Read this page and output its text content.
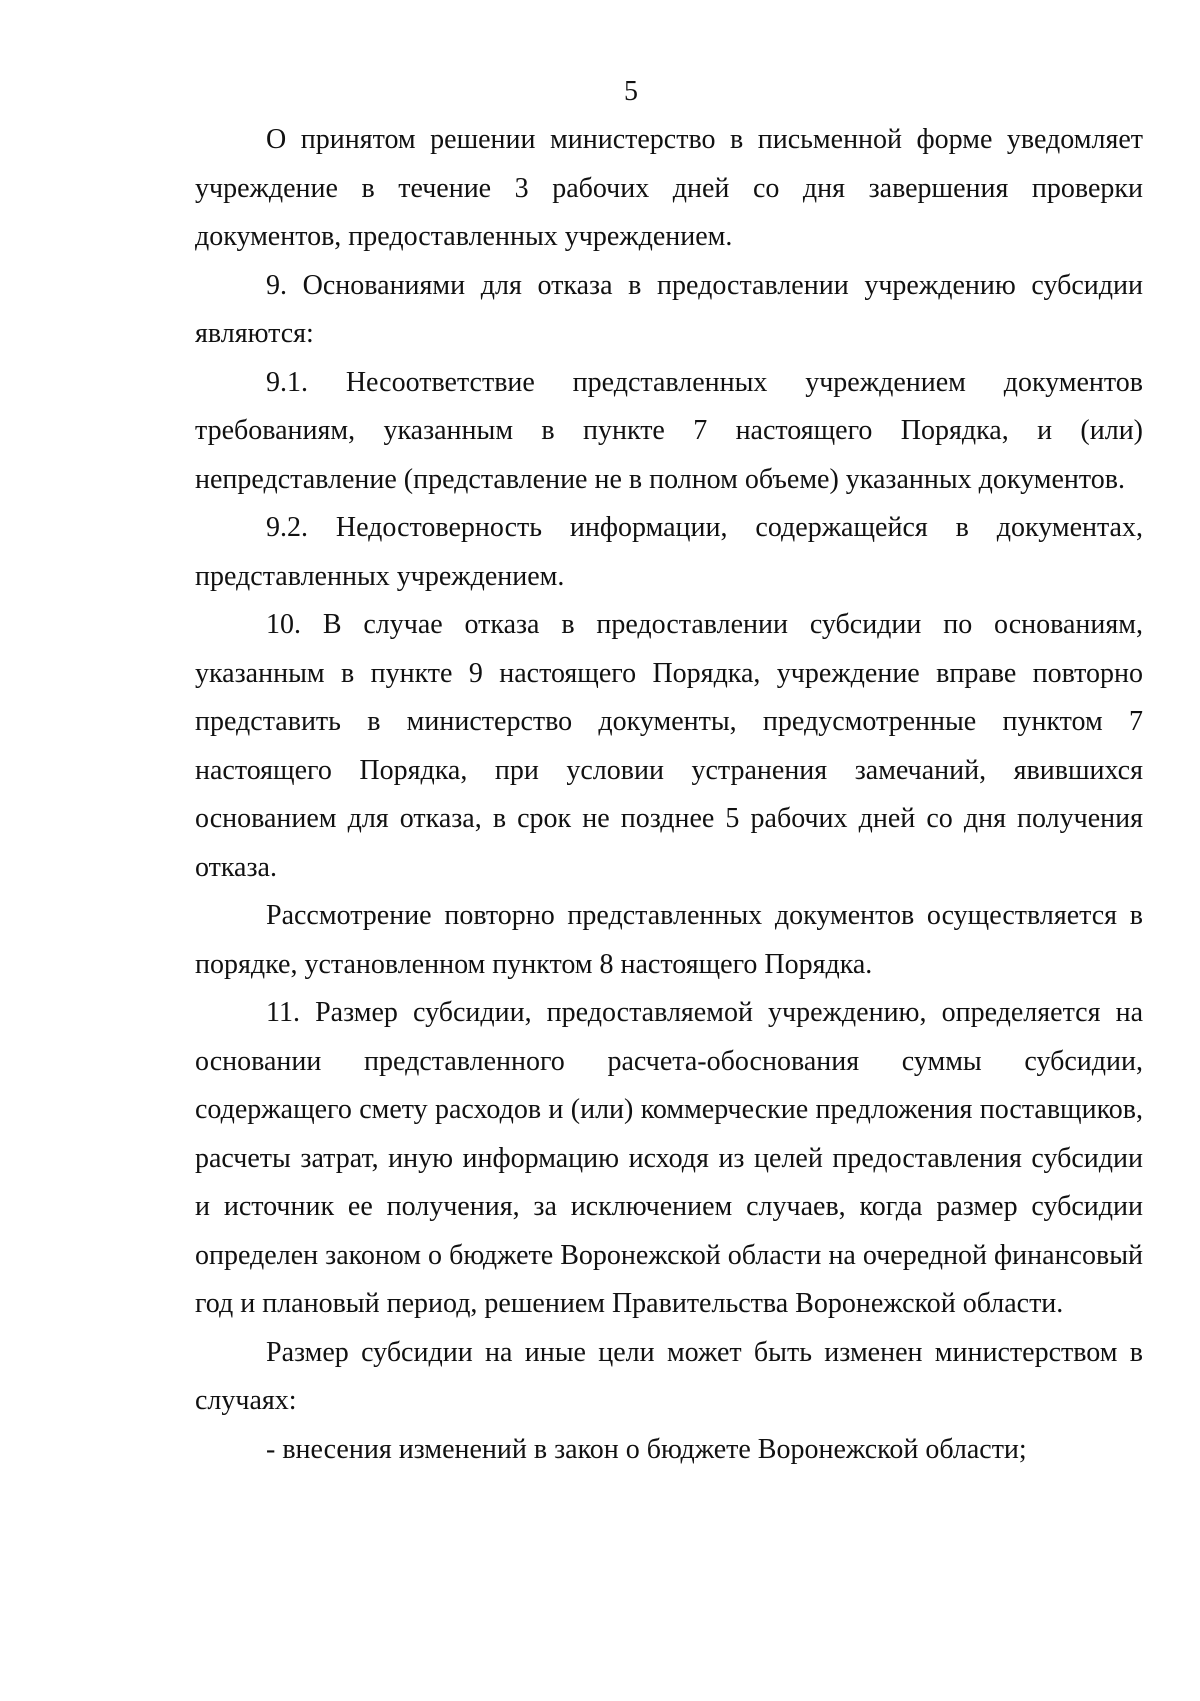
5

О принятом решении министерство в письменной форме уведомляет учреждение в течение 3 рабочих дней со дня завершения проверки документов, предоставленных учреждением.

9. Основаниями для отказа в предоставлении учреждению субсидии являются:

9.1. Несоответствие представленных учреждением документов требованиям, указанным в пункте 7 настоящего Порядка, и (или) непредставление (представление не в полном объеме) указанных документов.

9.2. Недостоверность информации, содержащейся в документах, представленных учреждением.

10. В случае отказа в предоставлении субсидии по основаниям, указанным в пункте 9 настоящего Порядка, учреждение вправе повторно представить в министерство документы, предусмотренные пунктом 7 настоящего Порядка, при условии устранения замечаний, явившихся основанием для отказа, в срок не позднее 5 рабочих дней со дня получения отказа.

Рассмотрение повторно представленных документов осуществляется в порядке, установленном пунктом 8 настоящего Порядка.

11. Размер субсидии, предоставляемой учреждению, определяется на основании представленного расчета-обоснования суммы субсидии, содержащего смету расходов и (или) коммерческие предложения поставщиков, расчеты затрат, иную информацию исходя из целей предоставления субсидии и источник ее получения, за исключением случаев, когда размер субсидии определен законом о бюджете Воронежской области на очередной финансовый год и плановый период, решением Правительства Воронежской области.

Размер субсидии на иные цели может быть изменен министерством в случаях:

- внесения изменений в закон о бюджете Воронежской области;
